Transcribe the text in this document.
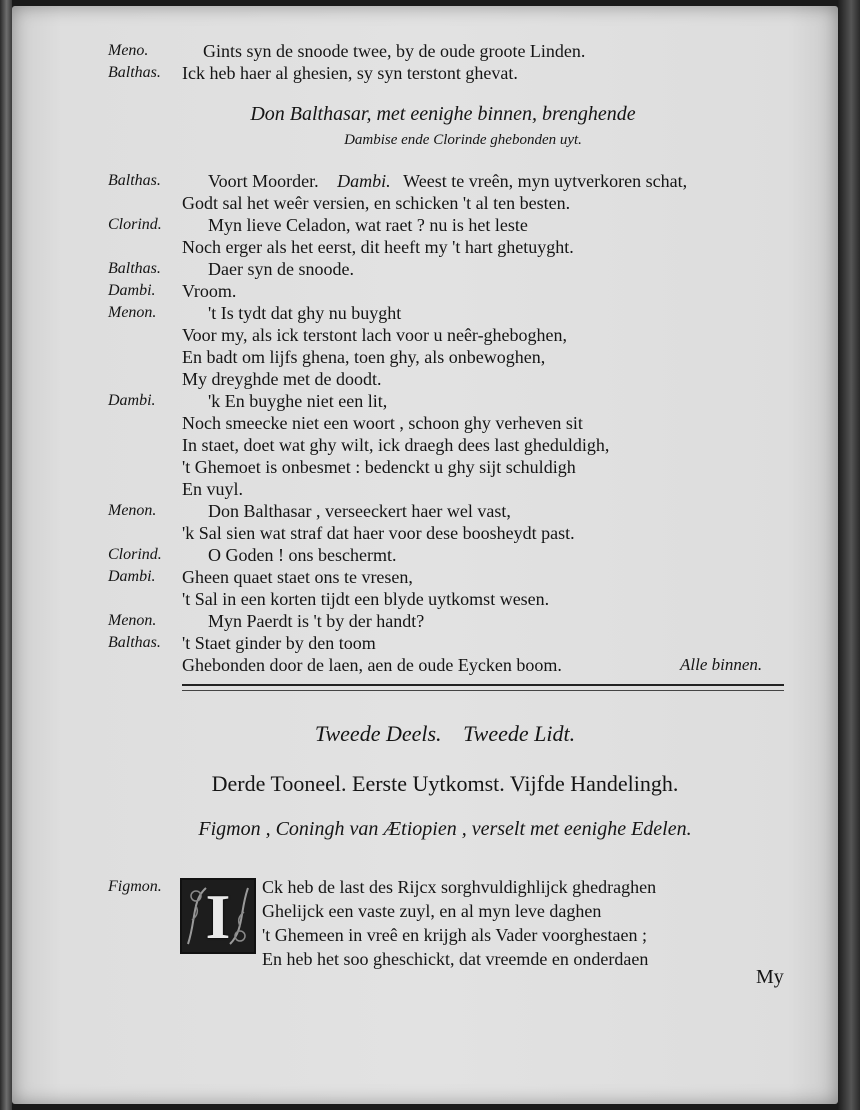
Meno.	Gints syn de snoode twee, by de oude groote Linden.
Balthas. Ick heb haer al ghesien, sy syn terstont ghevat.
Don Balthasar, met eenighe binnen, brenghende
Dambise ende Clorinde ghebonden uyt.
Balthas.	Voort Moorder. Dambi. Weest te vreên, myn uytverkoren schat,
Godt sal het weêr versien, en schicken 't al ten besten.
Clorind.	Myn lieve Celadon, wat raet ? nu is het leste
Noch erger als het eerst, dit heeft my 't hart ghetuyght.
Balthas.	Daer syn de snoode.
Dambi. Vroom.
Menon.	't Is tydt dat ghy nu buyght
Voor my, als ick terstont lach voor u neêr-gheboghen,
En badt om lijfs ghena, toen ghy, als onbewoghen,
My dreyghde met de doodt.
Dambi.	'k En buyghe niet een lit,
Noch smeecke niet een woort , schoon ghy verheven sit
In staet, doet wat ghy wilt, ick draegh dees last gheduldigh,
't Ghemoet is onbesmet : bedenckt u ghy sijt schuldigh
En vuyl.
Menon.	Don Balthasar , verseeckert haer wel vast,
'k Sal sien wat straf dat haer voor dese boosheydt past.
Clorind.	O Goden ! ons beschermt.
Dambi. Gheen quaet staet ons te vresen,
't Sal in een korten tijdt een blyde uytkomst wesen.
Menon.	Myn Paerdt is 't by der handt?
Balthas. 't Staet ginder by den toom
Ghebonden door de laen, aen de oude Eycken boom.	Alle binnen.
Tweede Deels. Tweede Lidt.
Derde Tooneel. Eerste Uytkomst. Vijfde Handelingh.
Figmon , Coningh van Ætiopien , verselt met eenighe Edelen.
Figmon. I	Ck heb de last des Rijcx sorghvuldighlijck ghedraghen
Ghelijck een vaste zuyl, en al myn leve daghen
't Ghemeen in vreê en krijgh als Vader voorghestaen ;
En heb het soo gheschickt, dat vreemde en onderdaen
My
